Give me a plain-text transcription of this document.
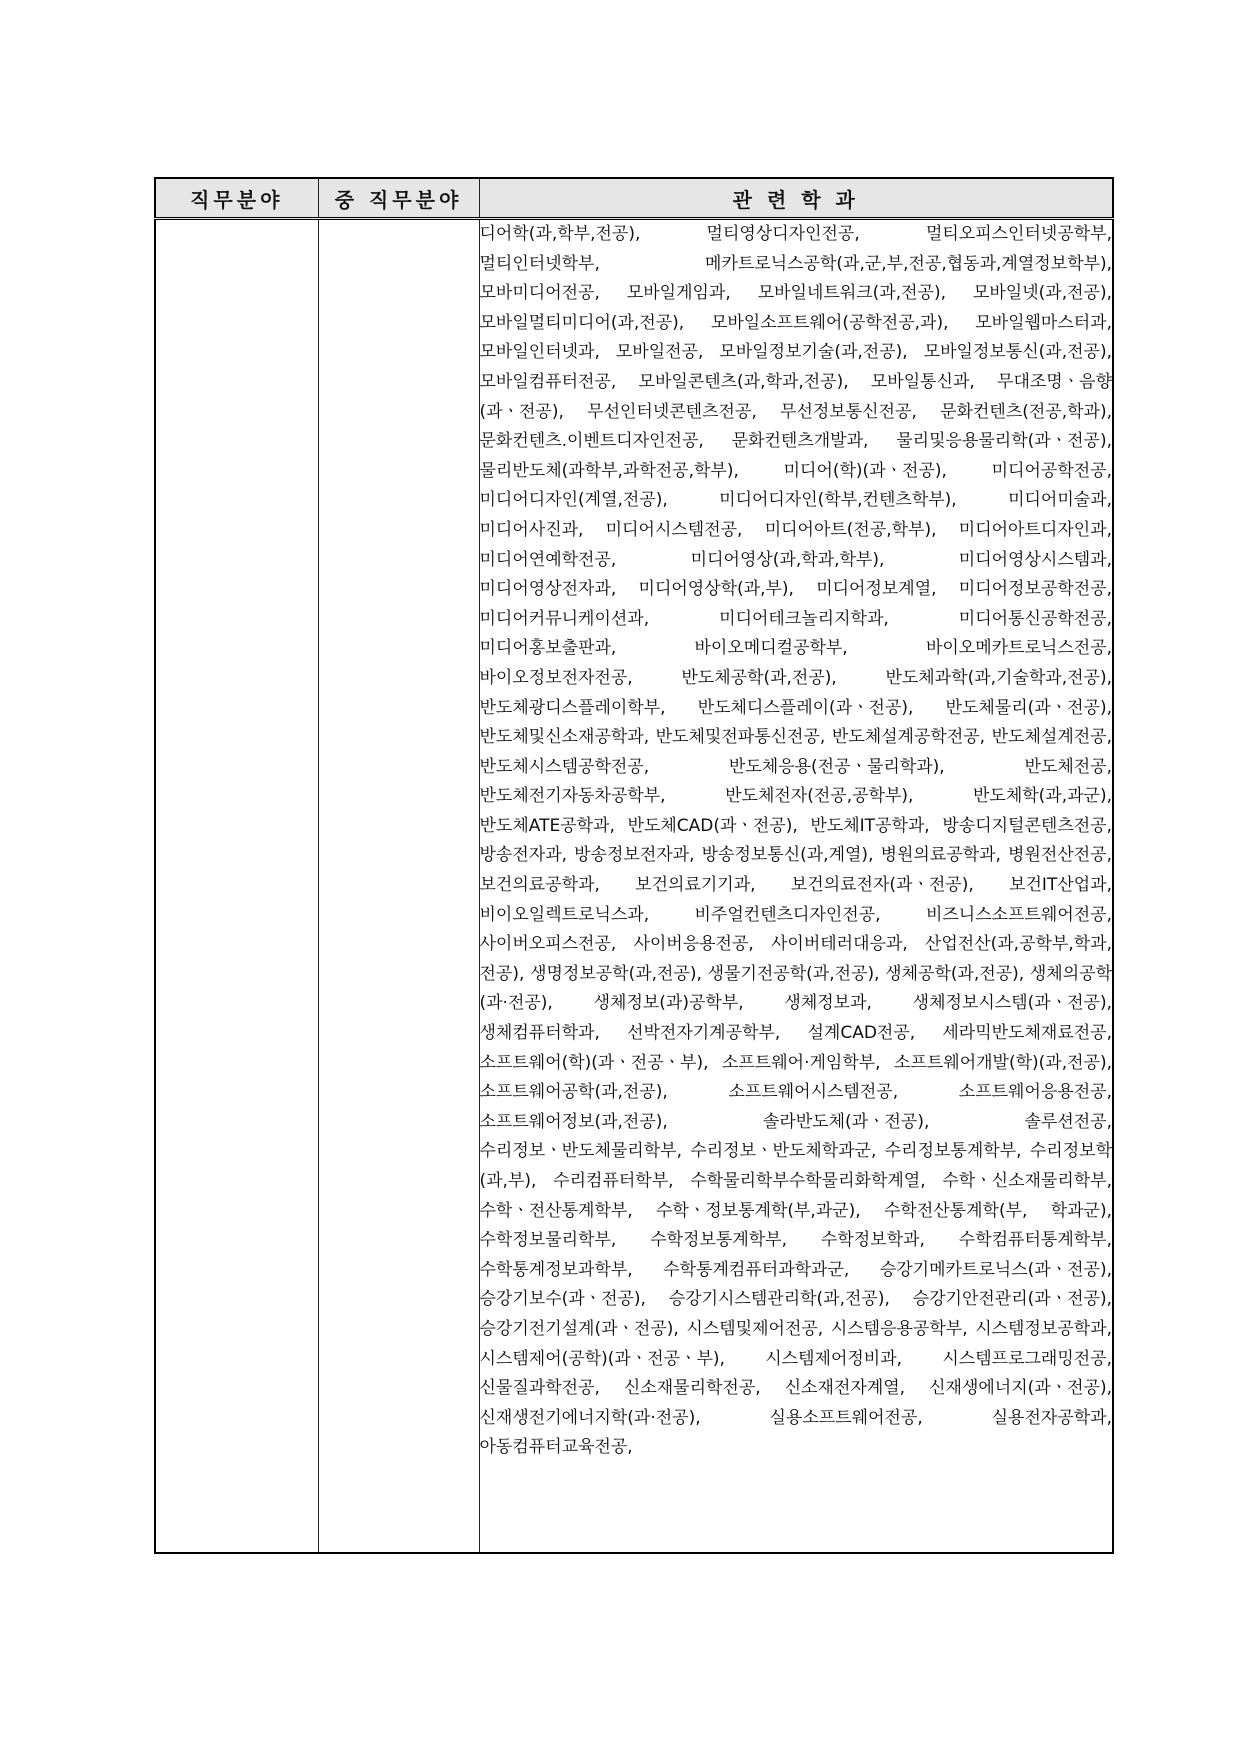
직무분야	중 직무분야	관 련 학 과

		디어학(과,학부,전공), 멀티영상디자인전공, 멀티오피스인터넷공학부, 멀티인터넷학부, 메카트로닉스공학(과,군,부,전공,협동과,계열정보학부), 모바미디어전공, 모바일게임과, 모바일네트워크(과,전공), 모바일넷(과,전공), 모바일멀티미디어(과,전공), 모바일소프트웨어(공학전공,과), 모바일웹마스터과, 모바일인터넷과, 모바일전공, 모바일정보기술(과,전공), 모바일정보통신(과,전공), 모바일컴퓨터전공, 모바일콘텐츠(과,학과,전공), 모바일통신과, 무대조명ㆍ음향(과ㆍ전공), 무선인터넷콘텐츠전공, 무선정보통신전공, 문화컨텐츠(전공,학과), 문화컨텐츠.이벤트디자인전공, 문화컨텐츠개발과, 물리및응용물리학(과ㆍ전공), 물리반도체(과학부,과학전공,학부), 미디어(학)(과ㆍ전공), 미디어공학전공, 미디어디자인(계열,전공), 미디어디자인(학부,컨텐츠학부), 미디어미술과, 미디어사진과, 미디어시스템전공, 미디어아트(전공,학부), 미디어아트디자인과, 미디어연예학전공, 미디어영상(과,학과,학부), 미디어영상시스템과, 미디어영상전자과, 미디어영상학(과,부), 미디어정보계열, 미디어정보공학전공, 미디어커뮤니케이션과, 미디어테크놀리지학과, 미디어통신공학전공, 미디어홍보출판과, 바이오메디컬공학부, 바이오메카트로닉스전공, 바이오정보전자전공, 반도체공학(과,전공), 반도체과학(과,기술학과,전공), 반도체광디스플레이학부, 반도체디스플레이(과ㆍ전공), 반도체물리(과ㆍ전공), 반도체및신소재공학과, 반도체및전파통신전공, 반도체설계공학전공, 반도체설계전공, 반도체시스템공학전공, 반도체응용(전공ㆍ물리학과), 반도체전공, 반도체전기자동차공학부, 반도체전자(전공,공학부), 반도체학(과,과군), 반도체ATE공학과, 반도체CAD(과ㆍ전공), 반도체IT공학과, 방송디지털콘텐츠전공, 방송전자과, 방송정보전자과, 방송정보통신(과,계열), 병원의료공학과, 병원전산전공, 보건의료공학과, 보건의료기기과, 보건의료전자(과ㆍ전공), 보건IT산업과, 비이오일렉트로닉스과, 비주얼컨텐츠디자인전공, 비즈니스소프트웨어전공, 사이버오피스전공, 사이버응용전공, 사이버테러대응과, 산업전산(과,공학부,학과,전공), 생명정보공학(과,전공), 생물기전공학(과,전공), 생체공학(과,전공), 생체의공학(과·전공), 생체정보(과)공학부, 생체정보과, 생체정보시스템(과ㆍ전공), 생체컴퓨터학과, 선박전자기계공학부, 설계CAD전공, 세라믹반도체재료전공, 소프트웨어(학)(과ㆍ전공ㆍ부), 소프트웨어·게임학부, 소프트웨어개발(학)(과,전공), 소프트웨어공학(과,전공), 소프트웨어시스템전공, 소프트웨어응용전공, 소프트웨어정보(과,전공), 솔라반도체(과ㆍ전공), 솔루션전공, 수리정보ㆍ반도체물리학부, 수리정보ㆍ반도체학과군, 수리정보통계학부, 수리정보학(과,부), 수리컴퓨터학부, 수학물리학부수학물리화학계열, 수학ㆍ신소재물리학부, 수학ㆍ전산통계학부, 수학ㆍ정보통계학(부,과군), 수학전산통계학(부, 학과군), 수학정보물리학부, 수학정보통계학부, 수학정보학과, 수학컴퓨터통계학부, 수학통계정보과학부, 수학통계컴퓨터과학과군, 승강기메카트로닉스(과ㆍ전공), 승강기보수(과ㆍ전공), 승강기시스템관리학(과,전공), 승강기안전관리(과ㆍ전공), 승강기전기설계(과ㆍ전공), 시스템및제어전공, 시스템응용공학부, 시스템정보공학과, 시스템제어(공학)(과ㆍ전공ㆍ부), 시스템제어정비과, 시스템프로그래밍전공, 신물질과학전공, 신소재물리학전공, 신소재전자계열, 신재생에너지(과ㆍ전공), 신재생전기에너지학(과·전공), 실용소프트웨어전공, 실용전자공학과, 아동컴퓨터교육전공,
